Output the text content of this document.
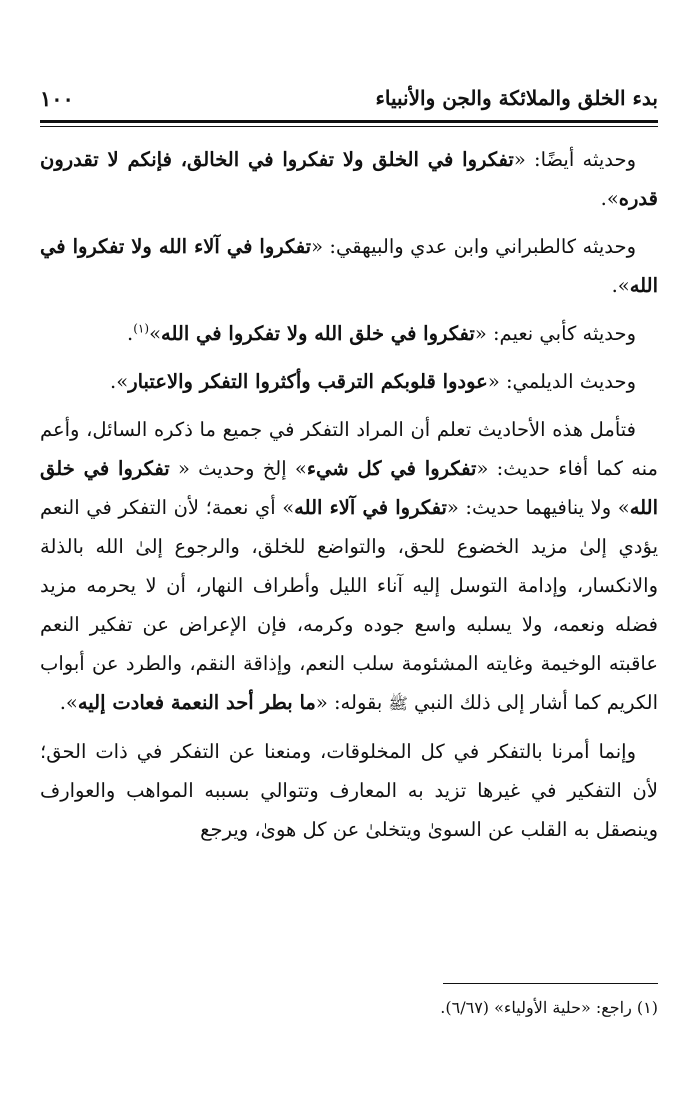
١٠٠	بدء الخلق والملائكة والجن والأنبياء

وحديثه أيضًا: «تفكروا في الخلق ولا تفكروا في الخالق، فإنكم لا تقدرون قدره».

وحديثه كالطبراني وابن عدي والبيهقي: «تفكروا في آلاء الله ولا تفكروا في الله».

وحديثه كأبي نعيم: «تفكروا في خلق الله ولا تفكروا في الله»$^{(١)}$.

وحديث الديلمي: «عودوا قلوبكم الترقب وأكثروا التفكر والاعتبار».

فتأمل هذه الأحاديث تعلم أن المراد التفكر في جميع ما ذكره السائل، وأعم منه كما أفاء حديث: «تفكروا في كل شيء» إلخ وحديث « تفكروا في خلق الله» ولا ينافيهما حديث: «تفكروا في آلاء الله» أي نعمة؛ لأن التفكر في النعم يؤدي إلىٰ مزيد الخضوع للحق، والتواضع للخلق، والرجوع إلىٰ الله بالذلة والانكسار، وإدامة التوسل إليه آناء الليل وأطراف النهار، أن لا يحرمه مزيد فضله ونعمه، ولا يسلبه واسع جوده وكرمه، فإن الإعراض عن تفكير النعم عاقبته الوخيمة وغايته المشئومة سلب النعم، وإذاقة النقم، والطرد عن أبواب الكريم كما أشار إلى ذلك النبي ﷺ بقوله: «ما بطر أحد النعمة فعادت إليه».

وإنما أمرنا بالتفكر في كل المخلوقات، ومنعنا عن التفكر في ذات الحق؛ لأن التفكير في غيرها تزيد به المعارف وتتوالي بسببه المواهب والعوارف وينصقل به القلب عن السوىٰ ويتخلىٰ عن كل هوىٰ، ويرجع

(١) راجع: «حلية الأولياء» (٦/٦٧).
